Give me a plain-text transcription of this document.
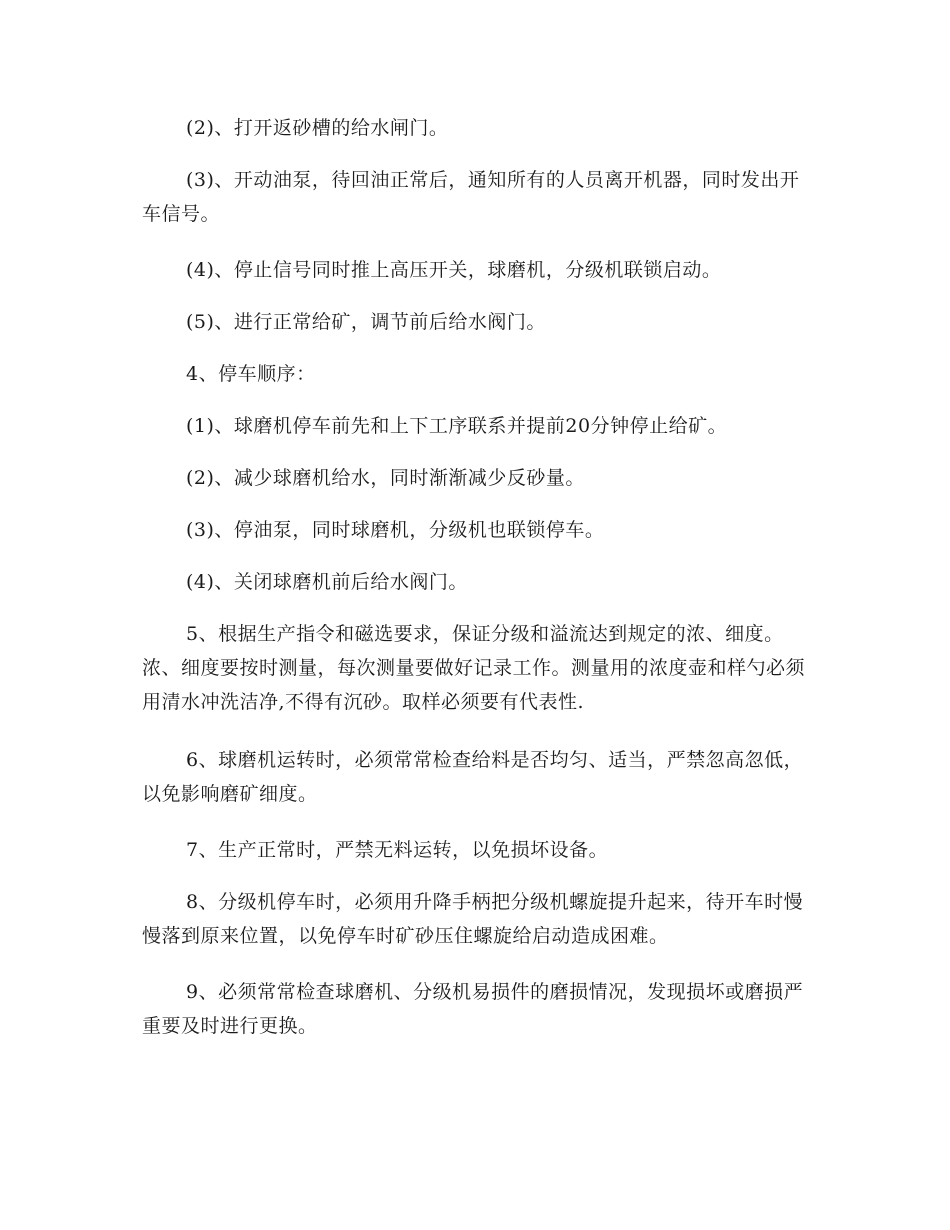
(2)、打开返砂槽的给水闸门。

(3)、开动油泵，待回油正常后，通知所有的人员离开机器，同时发出开车信号。

(4)、停止信号同时推上高压开关，球磨机，分级机联锁启动。

(5)、进行正常给矿，调节前后给水阀门。

4、停车顺序：

(1)、球磨机停车前先和上下工序联系并提前20分钟停止给矿。

(2)、减少球磨机给水，同时渐渐减少反砂量。

(3)、停油泵，同时球磨机，分级机也联锁停车。

(4)、关闭球磨机前后给水阀门。

5、根据生产指令和磁选要求，保证分级和溢流达到规定的浓、细度。浓、细度要按时测量，每次测量要做好记录工作。测量用的浓度壶和样勺必须用清水冲洗洁净,不得有沉砂。取样必须要有代表性.

6、球磨机运转时，必须常常检查给料是否均匀、适当，严禁忽高忽低，以免影响磨矿细度。

7、生产正常时，严禁无料运转，以免损坏设备。

8、分级机停车时，必须用升降手柄把分级机螺旋提升起来，待开车时慢慢落到原来位置，以免停车时矿砂压住螺旋给启动造成困难。

9、必须常常检查球磨机、分级机易损件的磨损情况，发现损坏或磨损严重要及时进行更换。
